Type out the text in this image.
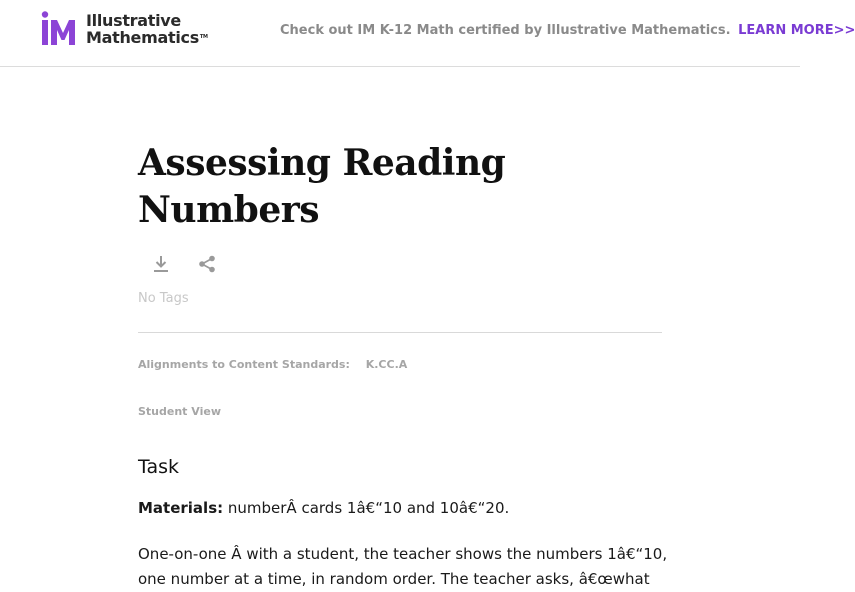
Illustrative
Mathematics™	Check out IM K-12 Math certified by Illustrative Mathematics. LEARN MORE>>
Assessing Reading Numbers
No Tags
Alignments to Content Standards: K.CC.A
Student View
Task
Materials: numberÂ cards 1â€“10 and 10â€“20.
One-on-one Â with a student, the teacher shows the numbers 1â€“10,
one number at a time, in random order. The teacher asks, â€œwhat
